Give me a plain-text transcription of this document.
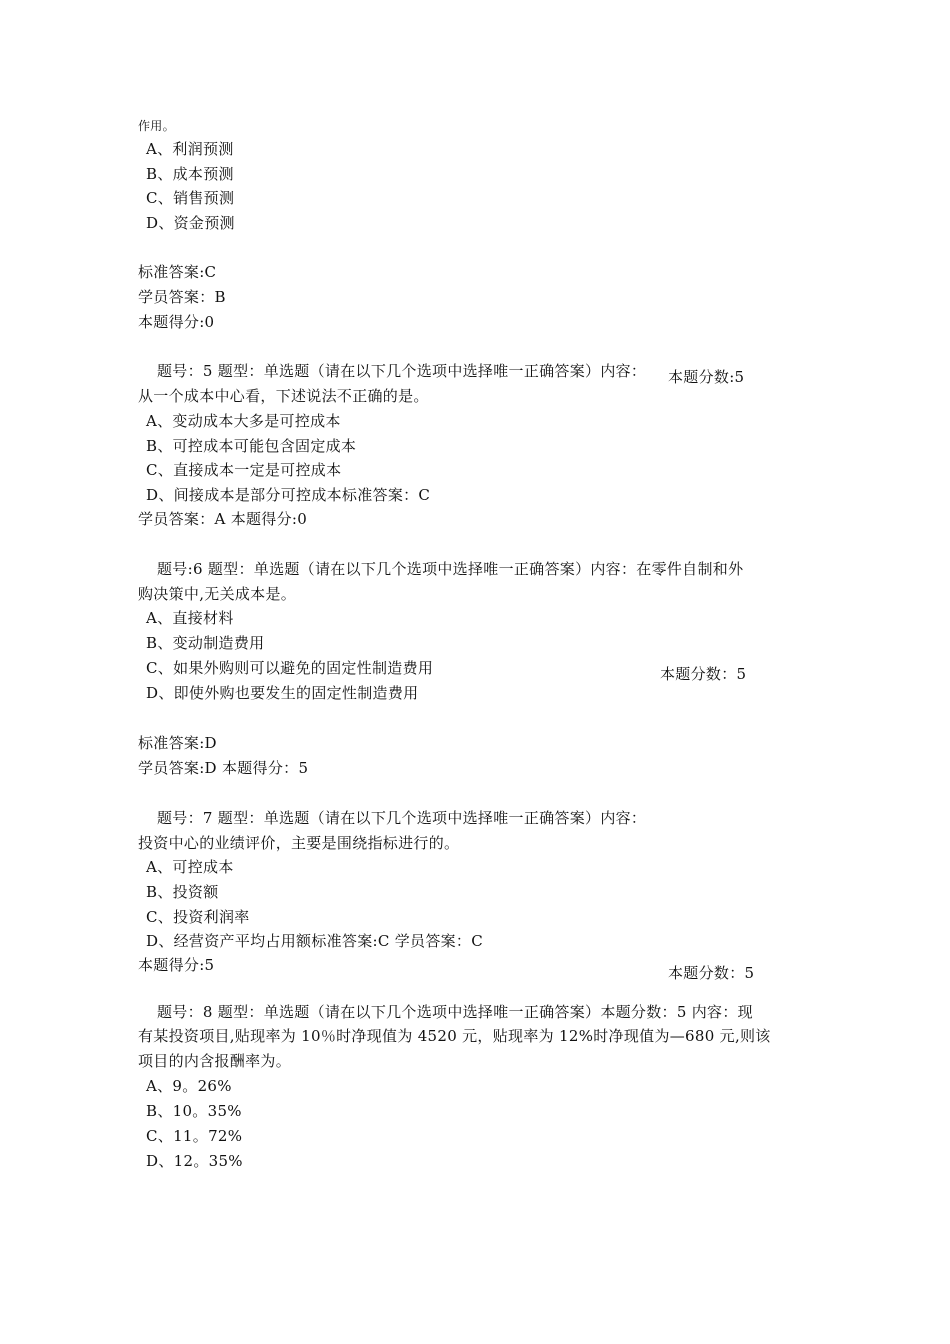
作用。
A、利润预测
B、成本预测
C、销售预测
D、资金预测
标准答案:C
学员答案：B
本题得分:0
题号：5 题型：单选题（请在以下几个选项中选择唯一正确答案）内容： 本题分数:5
从一个成本中心看，下述说法不正确的是。
A、变动成本大多是可控成本
B、可控成本可能包含固定成本
C、直接成本一定是可控成本
D、间接成本是部分可控成本标准答案：C
学员答案：A 本题得分:0
题号:6 题型：单选题（请在以下几个选项中选择唯一正确答案）内容：在零件自制和外
购决策中,无关成本是。
A、直接材料
B、变动制造费用
C、如果外购则可以避免的固定性制造费用	本题分数：5
D、即使外购也要发生的固定性制造费用
标准答案:D
学员答案:D 本题得分：5
题号：7 题型：单选题（请在以下几个选项中选择唯一正确答案）内容：
投资中心的业绩评价，主要是围绕指标进行的。
A、可控成本
B、投资额
C、投资利润率
D、经营资产平均占用额标准答案:C 学员答案：C
本题得分:5	本题分数：5
题号：8 题型：单选题（请在以下几个选项中选择唯一正确答案）本题分数：5 内容：现
有某投资项目,贴现率为 10％时净现值为 4520 元，贴现率为 12%时净现值为—680 元,则该
项目的内含报酬率为。
A、9。26%
B、10。35%
C、11。72%
D、12。35%
